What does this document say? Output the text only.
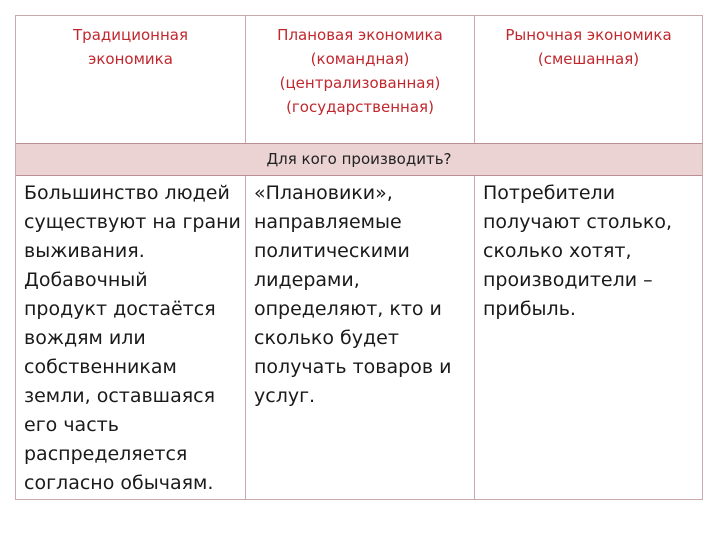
Традиционная
экономика
Плановая экономика
(командная)
(централизованная)
(государственная)
Рыночная экономика
(смешанная)
Для кого производить?
Большинство людей
существуют на грани
выживания.
Добавочный
продукт достаётся
вождям или
собственникам
земли, оставшаяся
его часть
распределяется
согласно обычаям.
«Плановики»,
направляемые
политическими
лидерами,
определяют, кто и
сколько будет
получать товаров и
услуг.
Потребители
получают столько,
сколько хотят,
производители –
прибыль.
